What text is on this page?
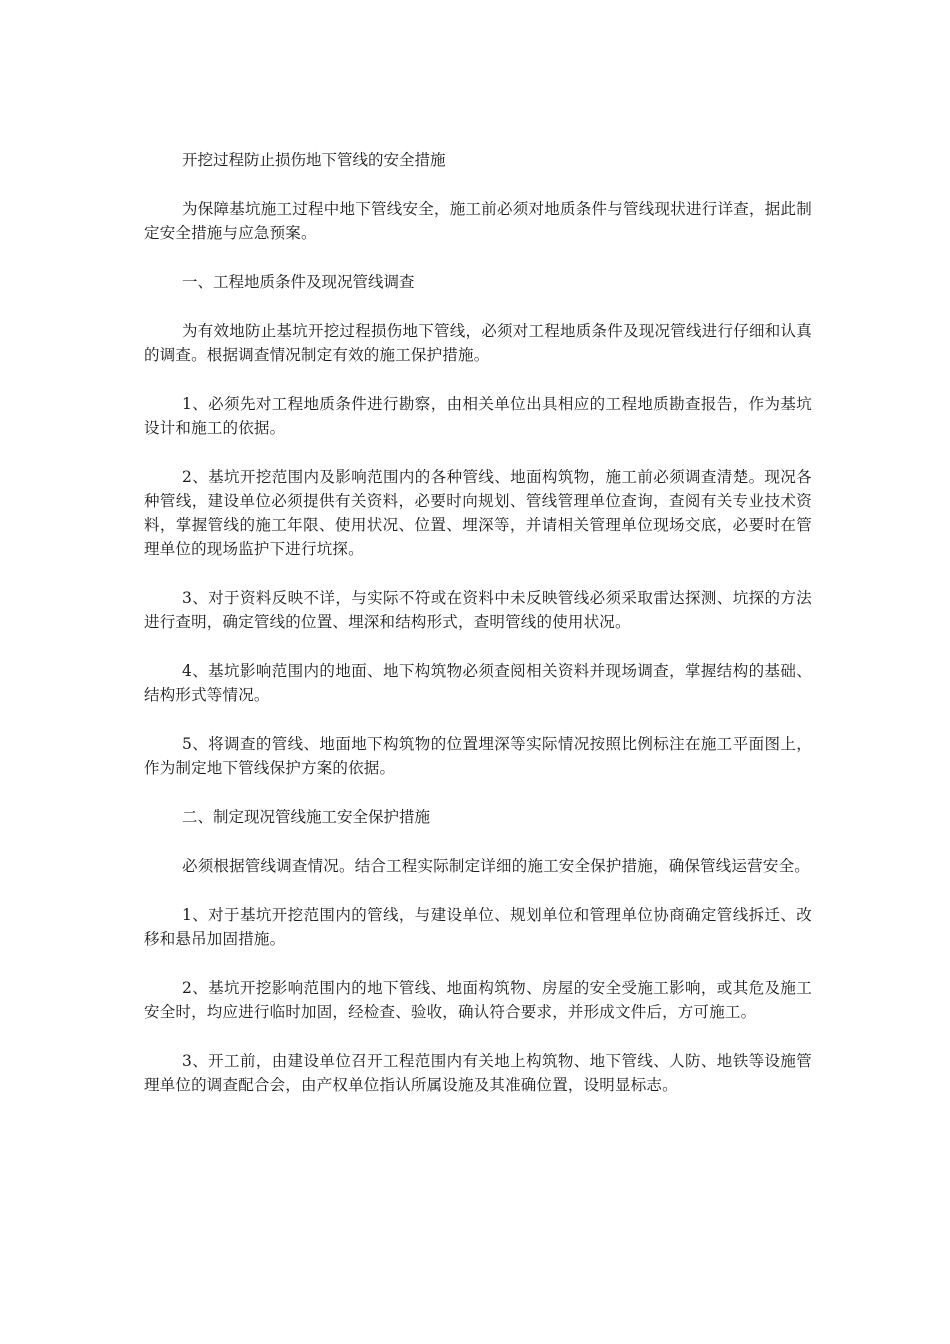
开挖过程防止损伤地下管线的安全措施

为保障基坑施工过程中地下管线安全，施工前必须对地质条件与管线现状进行详查，据此制定安全措施与应急预案。

一、工程地质条件及现况管线调查

为有效地防止基坑开挖过程损伤地下管线，必须对工程地质条件及现况管线进行仔细和认真的调查。根据调查情况制定有效的施工保护措施。

1、必须先对工程地质条件进行勘察，由相关单位出具相应的工程地质勘查报告，作为基坑设计和施工的依据。

2、基坑开挖范围内及影响范围内的各种管线、地面构筑物，施工前必须调查清楚。现况各种管线，建设单位必须提供有关资料，必要时向规划、管线管理单位查询，查阅有关专业技术资料，掌握管线的施工年限、使用状况、位置、埋深等，并请相关管理单位现场交底，必要时在管理单位的现场监护下进行坑探。

3、对于资料反映不详，与实际不符或在资料中未反映管线必须采取雷达探测、坑探的方法进行查明，确定管线的位置、埋深和结构形式，查明管线的使用状况。

4、基坑影响范围内的地面、地下构筑物必须查阅相关资料并现场调查，掌握结构的基础、结构形式等情况。

5、将调查的管线、地面地下构筑物的位置埋深等实际情况按照比例标注在施工平面图上，作为制定地下管线保护方案的依据。

二、制定现况管线施工安全保护措施

必须根据管线调查情况。结合工程实际制定详细的施工安全保护措施，确保管线运营安全。

1、对于基坑开挖范围内的管线，与建设单位、规划单位和管理单位协商确定管线拆迁、改移和悬吊加固措施。

2、基坑开挖影响范围内的地下管线、地面构筑物、房屋的安全受施工影响，或其危及施工安全时，均应进行临时加固，经检查、验收，确认符合要求，并形成文件后，方可施工。

3、开工前，由建设单位召开工程范围内有关地上构筑物、地下管线、人防、地铁等设施管理单位的调查配合会，由产权单位指认所属设施及其准确位置，设明显标志。
